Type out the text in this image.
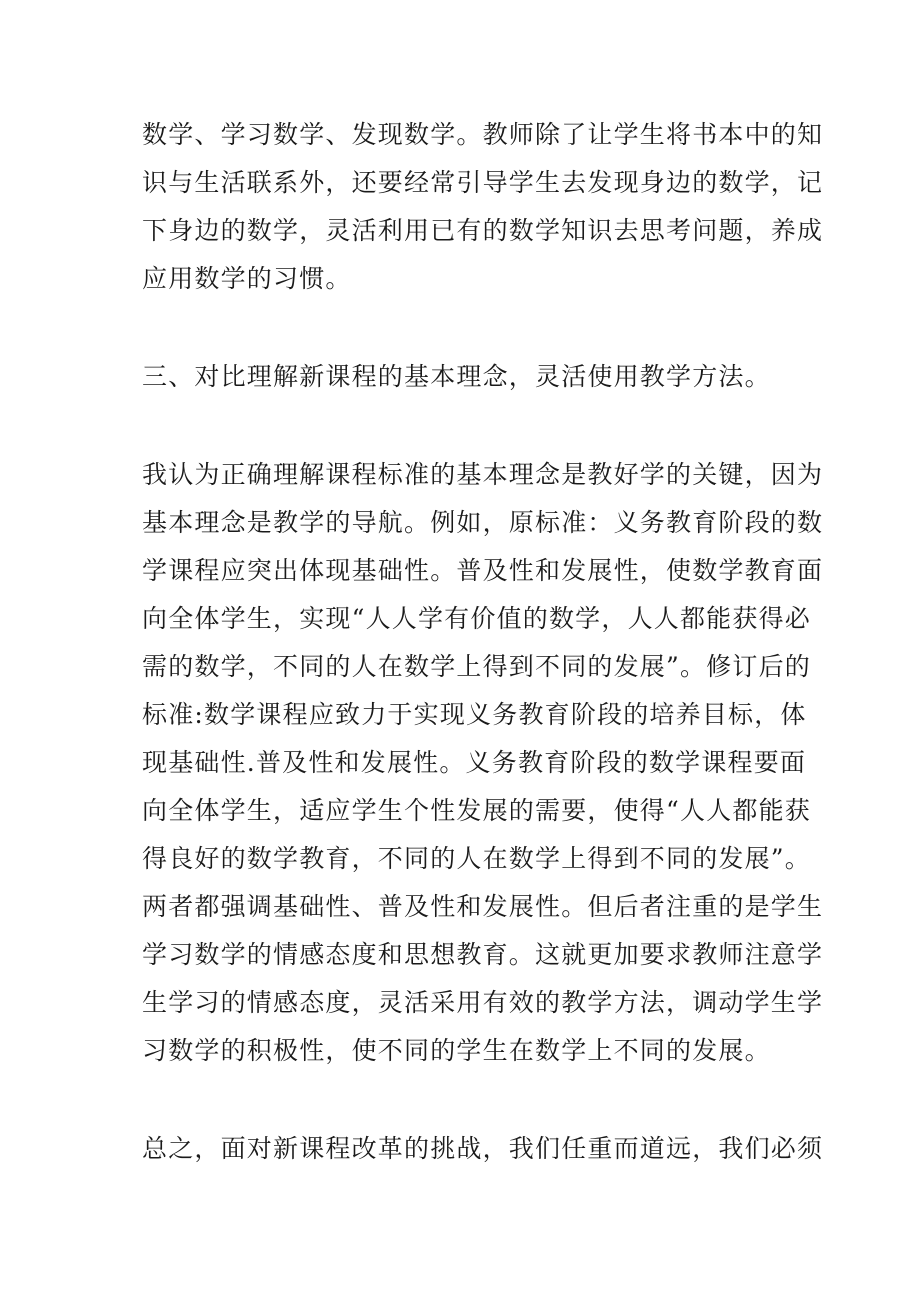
数学、学习数学、发现数学。教师除了让学生将书本中的知
识与生活联系外，还要经常引导学生去发现身边的数学，记
下身边的数学，灵活利用已有的数学知识去思考问题，养成
应用数学的习惯。
三、对比理解新课程的基本理念，灵活使用教学方法。
我认为正确理解课程标准的基本理念是教好学的关键，因为
基本理念是教学的导航。例如，原标准：义务教育阶段的数
学课程应突出体现基础性。普及性和发展性，使数学教育面
向全体学生，实现“人人学有价值的数学，人人都能获得必
需的数学，不同的人在数学上得到不同的发展”。修订后的
标准:数学课程应致力于实现义务教育阶段的培养目标，体
现基础性.普及性和发展性。义务教育阶段的数学课程要面
向全体学生，适应学生个性发展的需要，使得“人人都能获
得良好的数学教育，不同的人在数学上得到不同的发展”。
两者都强调基础性、普及性和发展性。但后者注重的是学生
学习数学的情感态度和思想教育。这就更加要求教师注意学
生学习的情感态度，灵活采用有效的教学方法，调动学生学
习数学的积极性，使不同的学生在数学上不同的发展。
总之，面对新课程改革的挑战，我们任重而道远，我们必须
